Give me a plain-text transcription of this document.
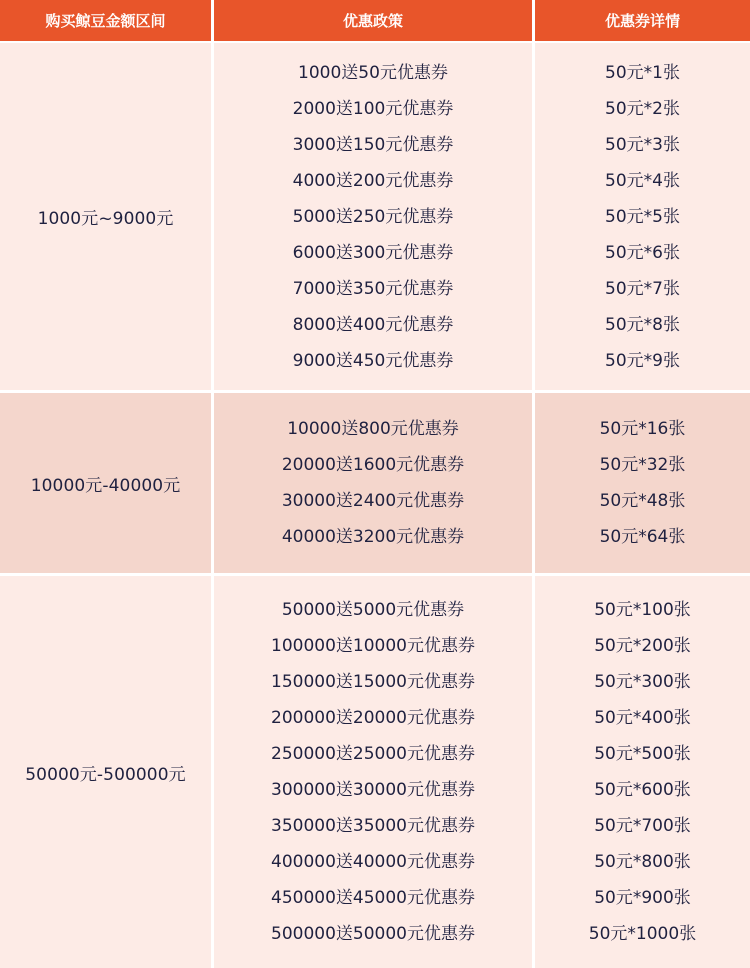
购买鲸豆金额区间	优惠政策	优惠券详情
1000元~9000元
1000送50元优惠券
2000送100元优惠券
3000送150元优惠券
4000送200元优惠券
5000送250元优惠券
6000送300元优惠券
7000送350元优惠券
8000送400元优惠券
9000送450元优惠券
50元*1张
50元*2张
50元*3张
50元*4张
50元*5张
50元*6张
50元*7张
50元*8张
50元*9张
10000元-40000元
10000送800元优惠券
20000送1600元优惠券
30000送2400元优惠券
40000送3200元优惠券
50元*16张
50元*32张
50元*48张
50元*64张
50000元-500000元
50000送5000元优惠券
100000送10000元优惠券
150000送15000元优惠券
200000送20000元优惠券
250000送25000元优惠券
300000送30000元优惠券
350000送35000元优惠券
400000送40000元优惠券
450000送45000元优惠券
500000送50000元优惠券
50元*100张
50元*200张
50元*300张
50元*400张
50元*500张
50元*600张
50元*700张
50元*800张
50元*900张
50元*1000张
